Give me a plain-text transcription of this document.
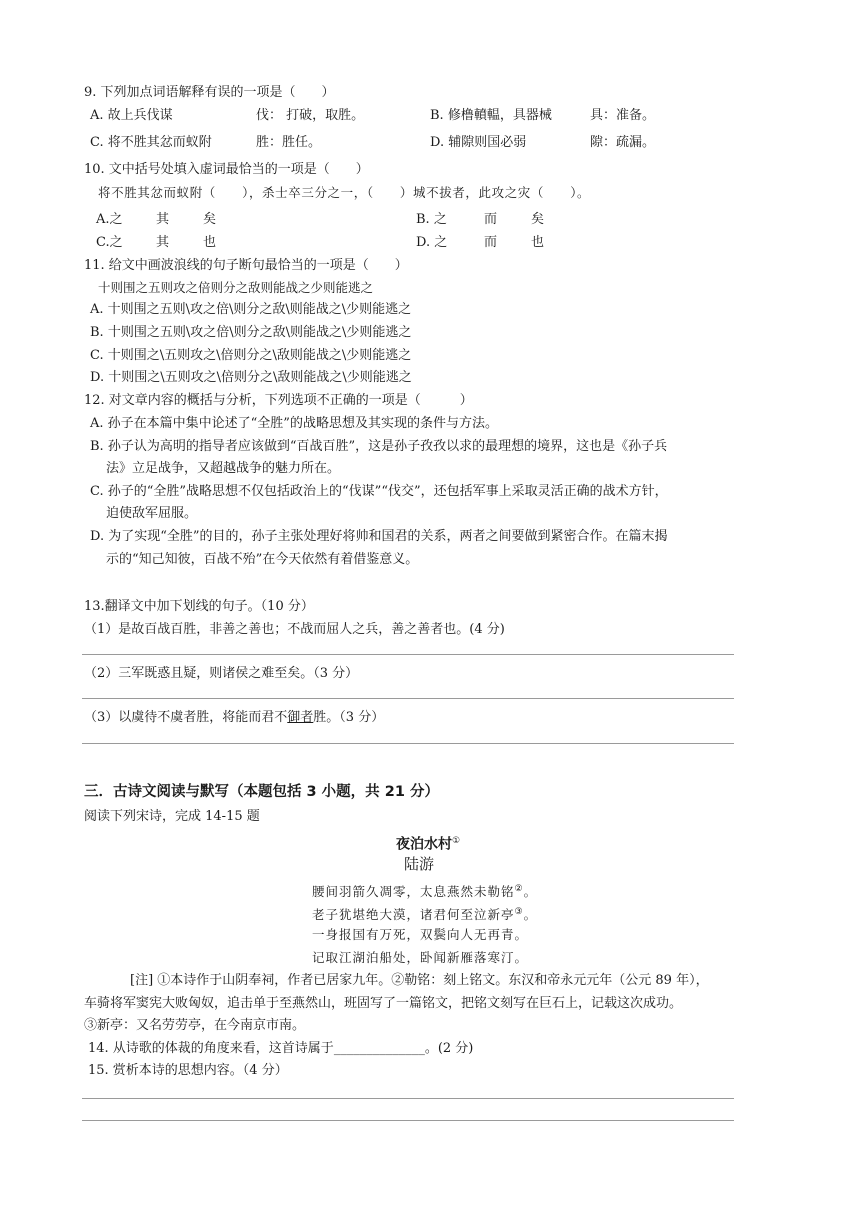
9. 下列加点词语解释有误的一项是（　　）
A. 故上兵伐谋	伐： 打破，取胜。	B. 修橹轒輼，具器械	具：准备。
C. 将不胜其忿而蚁附	胜：胜任。	D. 辅隙则国必弱	隙：疏漏。
10. 文中括号处填入虚词最恰当的一项是（　　）
将不胜其忿而蚁附（　　），杀士卒三分之一，（　　）城不拔者，此攻之灾（　　）。
A.之	其	矣	B. 之	而	矣
C.之	其	也	D. 之	而	也
11. 给文中画波浪线的句子断句最恰当的一项是（　　）
十则围之五则攻之倍则分之敌则能战之少则能逃之
A. 十则围之五则\攻之倍\则分之敌\则能战之\少则能逃之
B. 十则围之五则\攻之倍\则分之敌\则能战之\少则能逃之
C. 十则围之\五则攻之\倍则分之\敌则能战之\少则能逃之
D. 十则围之\五则攻之\倍则分之\敌则能战之\少则能逃之
12. 对文章内容的概括与分析，下列选项不正确的一项是（　　　）
A. 孙子在本篇中集中论述了“全胜”的战略思想及其实现的条件与方法。
B. 孙子认为高明的指导者应该做到“百战百胜”，这是孙子孜孜以求的最理想的境界，这也是《孙子兵
法》立足战争，又超越战争的魅力所在。
C. 孙子的“全胜”战略思想不仅包括政治上的“伐谋”“伐交”，还包括军事上采取灵活正确的战术方针，
迫使敌军屈服。
D. 为了实现“全胜”的目的，孙子主张处理好将帅和国君的关系，两者之间要做到紧密合作。在篇末揭
示的“知己知彼，百战不殆”在今天依然有着借鉴意义。
13.翻译文中加下划线的句子。（10 分）
（1）是故百战百胜，非善之善也；不战而屈人之兵，善之善者也。(4 分)
（2）三军既惑且疑，则诸侯之难至矣。（3 分）
（3）以虞待不虞者胜，将能而君不御者胜。（3 分）
三．古诗文阅读与默写（本题包括 3 小题，共 21 分）
阅读下列宋诗，完成 14-15 题
夜泊水村①
陆游
腰间羽箭久凋零，太息燕然未勒铭②。
老子犹堪绝大漠，诸君何至泣新亭③。
一身报国有万死，双鬓向人无再青。
记取江湖泊船处，卧闻新雁落寒汀。
[注] ①本诗作于山阴奉祠，作者已居家九年。②勒铭：刻上铭文。东汉和帝永元元年（公元 89 年），
车骑将军窦宪大败匈奴，追击单于至燕然山，班固写了一篇铭文，把铭文刻写在巨石上，记载这次成功。
③新亭：又名劳劳亭，在今南京市南。
14. 从诗歌的体裁的角度来看，这首诗属于______________。(2 分)
15. 赏析本诗的思想内容。（4 分）
